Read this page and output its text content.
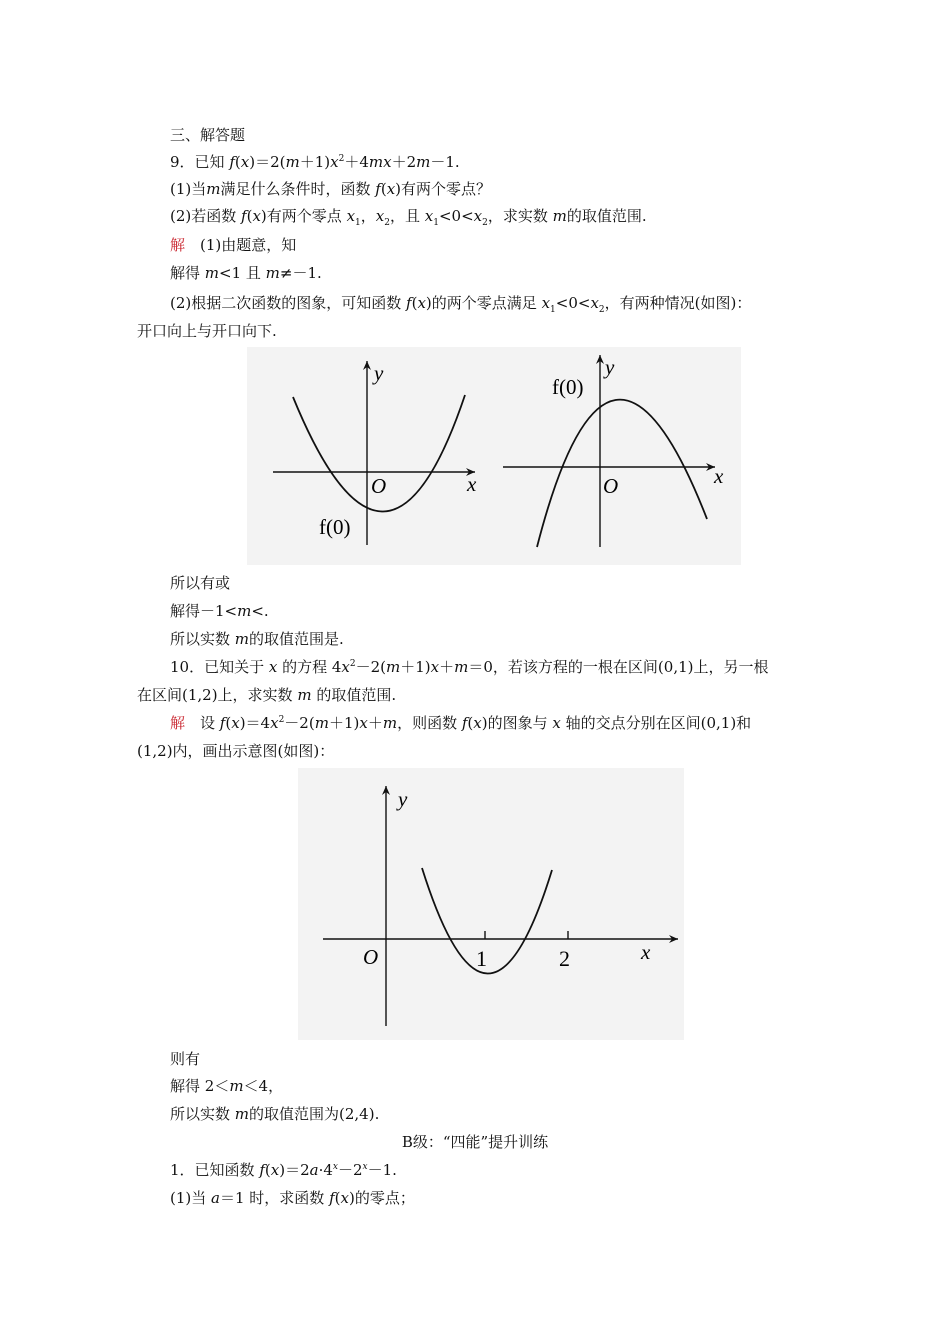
三、解答题
9．已知 $f(x)=2(m+1)x^2+4mx+2m-1$.
(1)当m满足什么条件时，函数 f(x)有两个零点？
(2)若函数 f(x)有两个零点 $x_1$，$x_2$，且 $x_1<0<x_2$，求实数 m的取值范围.
解　(1)由题意，知
解得 m<1 且 m≠－1.
(2)根据二次函数的图象，可知函数 f(x)的两个零点满足 $x_1<0<x_2$，有两种情况(如图)：
开口向上与开口向下.
y
x
O
f(0)
y
x
O
f(0)
所以有或
解得－1<m<.
所以实数 m的取值范围是.
10．已知关于 x 的方程 $4x^2-2(m+1)x+m=0$，若该方程的一根在区间(0,1)上，另一根
在区间(1,2)上，求实数 m 的取值范围.
解　设 $f(x)=4x^2-2(m+1)x+m$，则函数 f(x)的图象与 x 轴的交点分别在区间(0,1)和
(1,2)内，画出示意图(如图)：
y
x
O	1	2
则有
解得 2＜m＜4，
所以实数 m的取值范围为(2,4).
B级：“四能”提升训练
1．已知函数 $f(x)=2a\cdot 4^x-2^x-1$.
(1)当 a＝1 时，求函数 f(x)的零点；
